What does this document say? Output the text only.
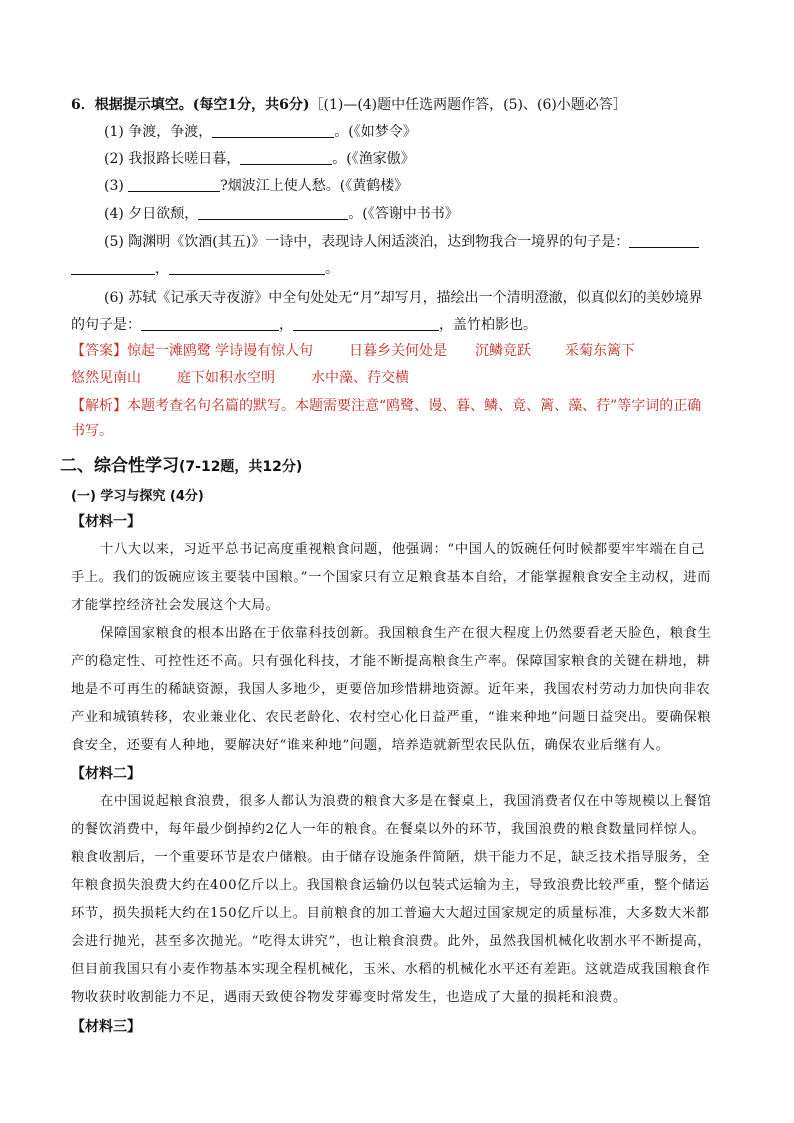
6．根据提示填空。(每空1分，共6分)［(1)—(4)题中任选两题作答，(5)、(6)小题必答］
(1) 争渡，争渡，	。(《如梦令》
(2) 我报路长嗟日暮，	。(《渔家傲》
(3)	?烟波江上使人愁。(《黄鹤楼》
(4) 夕日欲颓，	。(《答谢中书书》
(5) 陶渊明《饮酒(其五)》一诗中，表现诗人闲适淡泊，达到物我合一境界的句子是：
，	。
(6) 苏轼《记承天寺夜游》中全句处处无“月”却写月，描绘出一个清明澄澈，似真似幻的美妙境界
的句子是：	，	，盖竹柏影也。
【答案】惊起一滩鸥鹭 学诗谩有惊人句	日暮乡关何处是 沉鳞竞跃 采菊东篱下
悠然见南山	庭下如积水空明	水中藻、荇交横
【解析】本题考查名句名篇的默写。本题需要注意“鸥鹭、谩、暮、鳞、竟、篱、藻、荇”等字词的正确
书写。
二、综合性学习(7-12题，共12分)
(一) 学习与探究 (4分)
【材料一】
十八大以来，习近平总书记高度重视粮食问题，他强调：“中国人的饭碗任何时候都要牢牢端在自己
手上。我们的饭碗应该主要装中国粮。”一个国家只有立足粮食基本自给，才能掌握粮食安全主动权，进而
才能掌控经济社会发展这个大局。
保障国家粮食的根本出路在于依靠科技创新。我国粮食生产在很大程度上仍然要看老天脸色，粮食生
产的稳定性、可控性还不高。只有强化科技，才能不断提高粮食生产率。保障国家粮食的关键在耕地，耕
地是不可再生的稀缺资源，我国人多地少，更要倍加珍惜耕地资源。近年来，我国农村劳动力加快向非农
产业和城镇转移，农业兼业化、农民老龄化、农村空心化日益严重，“谁来种地”问题日益突出。要确保粮
食安全，还要有人种地，要解决好“谁来种地”问题，培养造就新型农民队伍，确保农业后继有人。
【材料二】
在中国说起粮食浪费，很多人都认为浪费的粮食大多是在餐桌上，我国消费者仅在中等规模以上餐馆
的餐饮消费中，每年最少倒掉约2亿人一年的粮食。在餐桌以外的环节，我国浪费的粮食数量同样惊人。
粮食收割后，一个重要环节是农户储粮。由于储存设施条件简陋，烘干能力不足，缺乏技术指导服务，全
年粮食损失浪费大约在400亿斤以上。我国粮食运输仍以包装式运输为主，导致浪费比较严重，整个储运
环节，损失损耗大约在150亿斤以上。目前粮食的加工普遍大大超过国家规定的质量标准，大多数大米都
会进行抛光，甚至多次抛光。“吃得太讲究”，也让粮食浪费。此外，虽然我国机械化收割水平不断提高，
但目前我国只有小麦作物基本实现全程机械化，玉米、水稻的机械化水平还有差距。这就造成我国粮食作
物收获时收割能力不足，遇雨天致使谷物发芽霉变时常发生，也造成了大量的损耗和浪费。
【材料三】
